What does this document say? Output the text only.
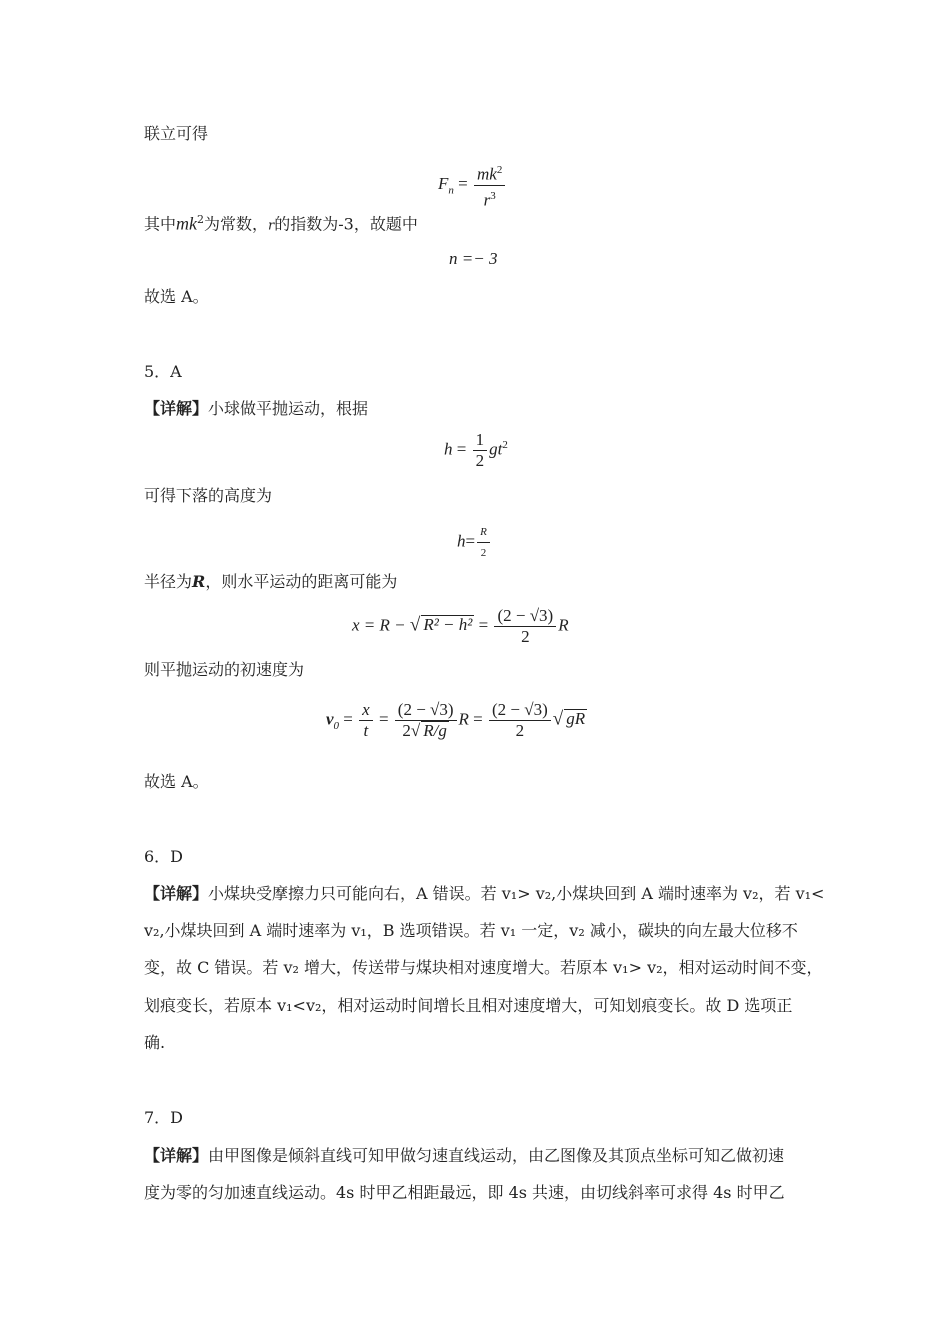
联立可得
$F_n = \frac{mk^2}{r^3}$
其中$mk^2$为常数，r的指数为-3，故题中
n =− 3
故选 A。
5．A
【详解】小球做平抛运动，根据
$h = \frac{1}{2} gt^2$
可得下落的高度为
$h= \frac{R}{2}$
半径为R，则水平运动的距离可能为
x = R − √ $R^2 - h^2 = \frac{(2 - √3)}{2}$ R
则平抛运动的初速度为
$v_0 = \frac{x}{t} = \frac{(2 - √3)}{2√ R/g}$ $R = \frac{(2 - √3)}{2}$ √ gR
故选 A。
6．D
【详解】小煤块受摩擦力只可能向右，A 错误。若 v₁> v₂,小煤块回到 A 端时速率为 v₂，若 v₁<
v₂,小煤块回到 A 端时速率为 v₁，B 选项错误。若 v₁ 一定，v₂ 减小，碳块的向左最大位移不
变，故 C 错误。若 v₂ 增大，传送带与煤块相对速度增大。若原本 v₁> v₂，相对运动时间不变，
划痕变长，若原本 v₁<v₂，相对运动时间增长且相对速度增大，可知划痕变长。故 D 选项正
确.
7．D
【详解】由甲图像是倾斜直线可知甲做匀速直线运动，由乙图像及其顶点坐标可知乙做初速
度为零的匀加速直线运动。4s 时甲乙相距最远，即 4s 共速，由切线斜率可求得 4s 时甲乙
